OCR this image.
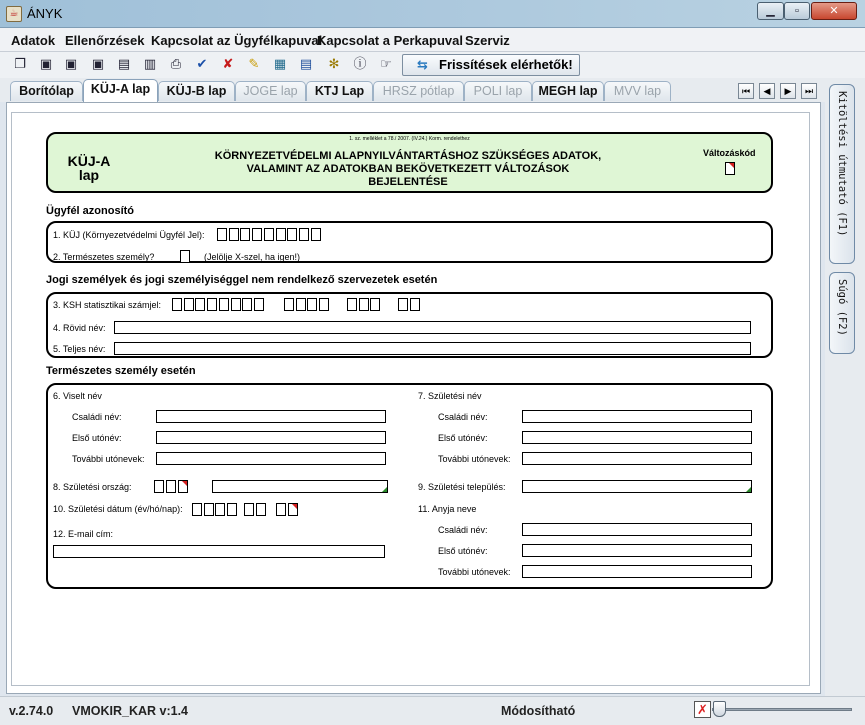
☕ ÁNYK	▁	▫	✕
Adatok Ellenőrzések Kapcsolat az Ügyfélkapuval
Kapcsolat a Perkapuval Szerviz
❐ ▣ ▣ ▣ ▤ ▥ ⎙ ✔ ✘ ✎ ▦ ▤ ✻ ⓘ ☞ ⇆ Frissítések elérhetők!
Borítólap	KÜJ-A lap	KÜJ-B lap	JOGE lap	KTJ Lap	HRSZ pótlap	POLI lap	MEGH lap	MVV lap	⏮	◀	▶	⏭	Kitöltési útmutató (F1)
Súgó (F2)
1. sz. melléklet a 78./ 2007. (IV.24.) Korm. rendelethez
KÜJ-A lap
KÖRNYEZETVÉDELMI ALAPNYILVÁNTARTÁSHOZ SZÜKSÉGES ADATOK,
VALAMINT AZ ADATOKBAN BEKÖVETKEZETT VÁLTOZÁSOK
BEJELENTÉSE
Változáskód
Ügyfél azonosító
1. KÜJ (Környezetvédelmi Ügyfél Jel):
2. Természetes személy?	(Jelölje X-szel, ha igen!)
Jogi személyek és jogi személyiséggel nem rendelkező szervezetek esetén
3. KSH statisztikai számjel:
4. Rövid név:
5. Teljes név:
Természetes személy esetén
6. Viselt név
Családi név:
Első utónév:
További utónevek:
8. Születési ország:
10. Születési dátum (év/hó/nap):
12. E-mail cím:
7. Születési név
Családi név:
Első utónév:
További utónevek:
9. Születési település:
11. Anyja neve
Családi név:
Első utónév:
További utónevek:
v.2.74.0 VMOKIR_KAR v:1.4	Módosítható	✗
